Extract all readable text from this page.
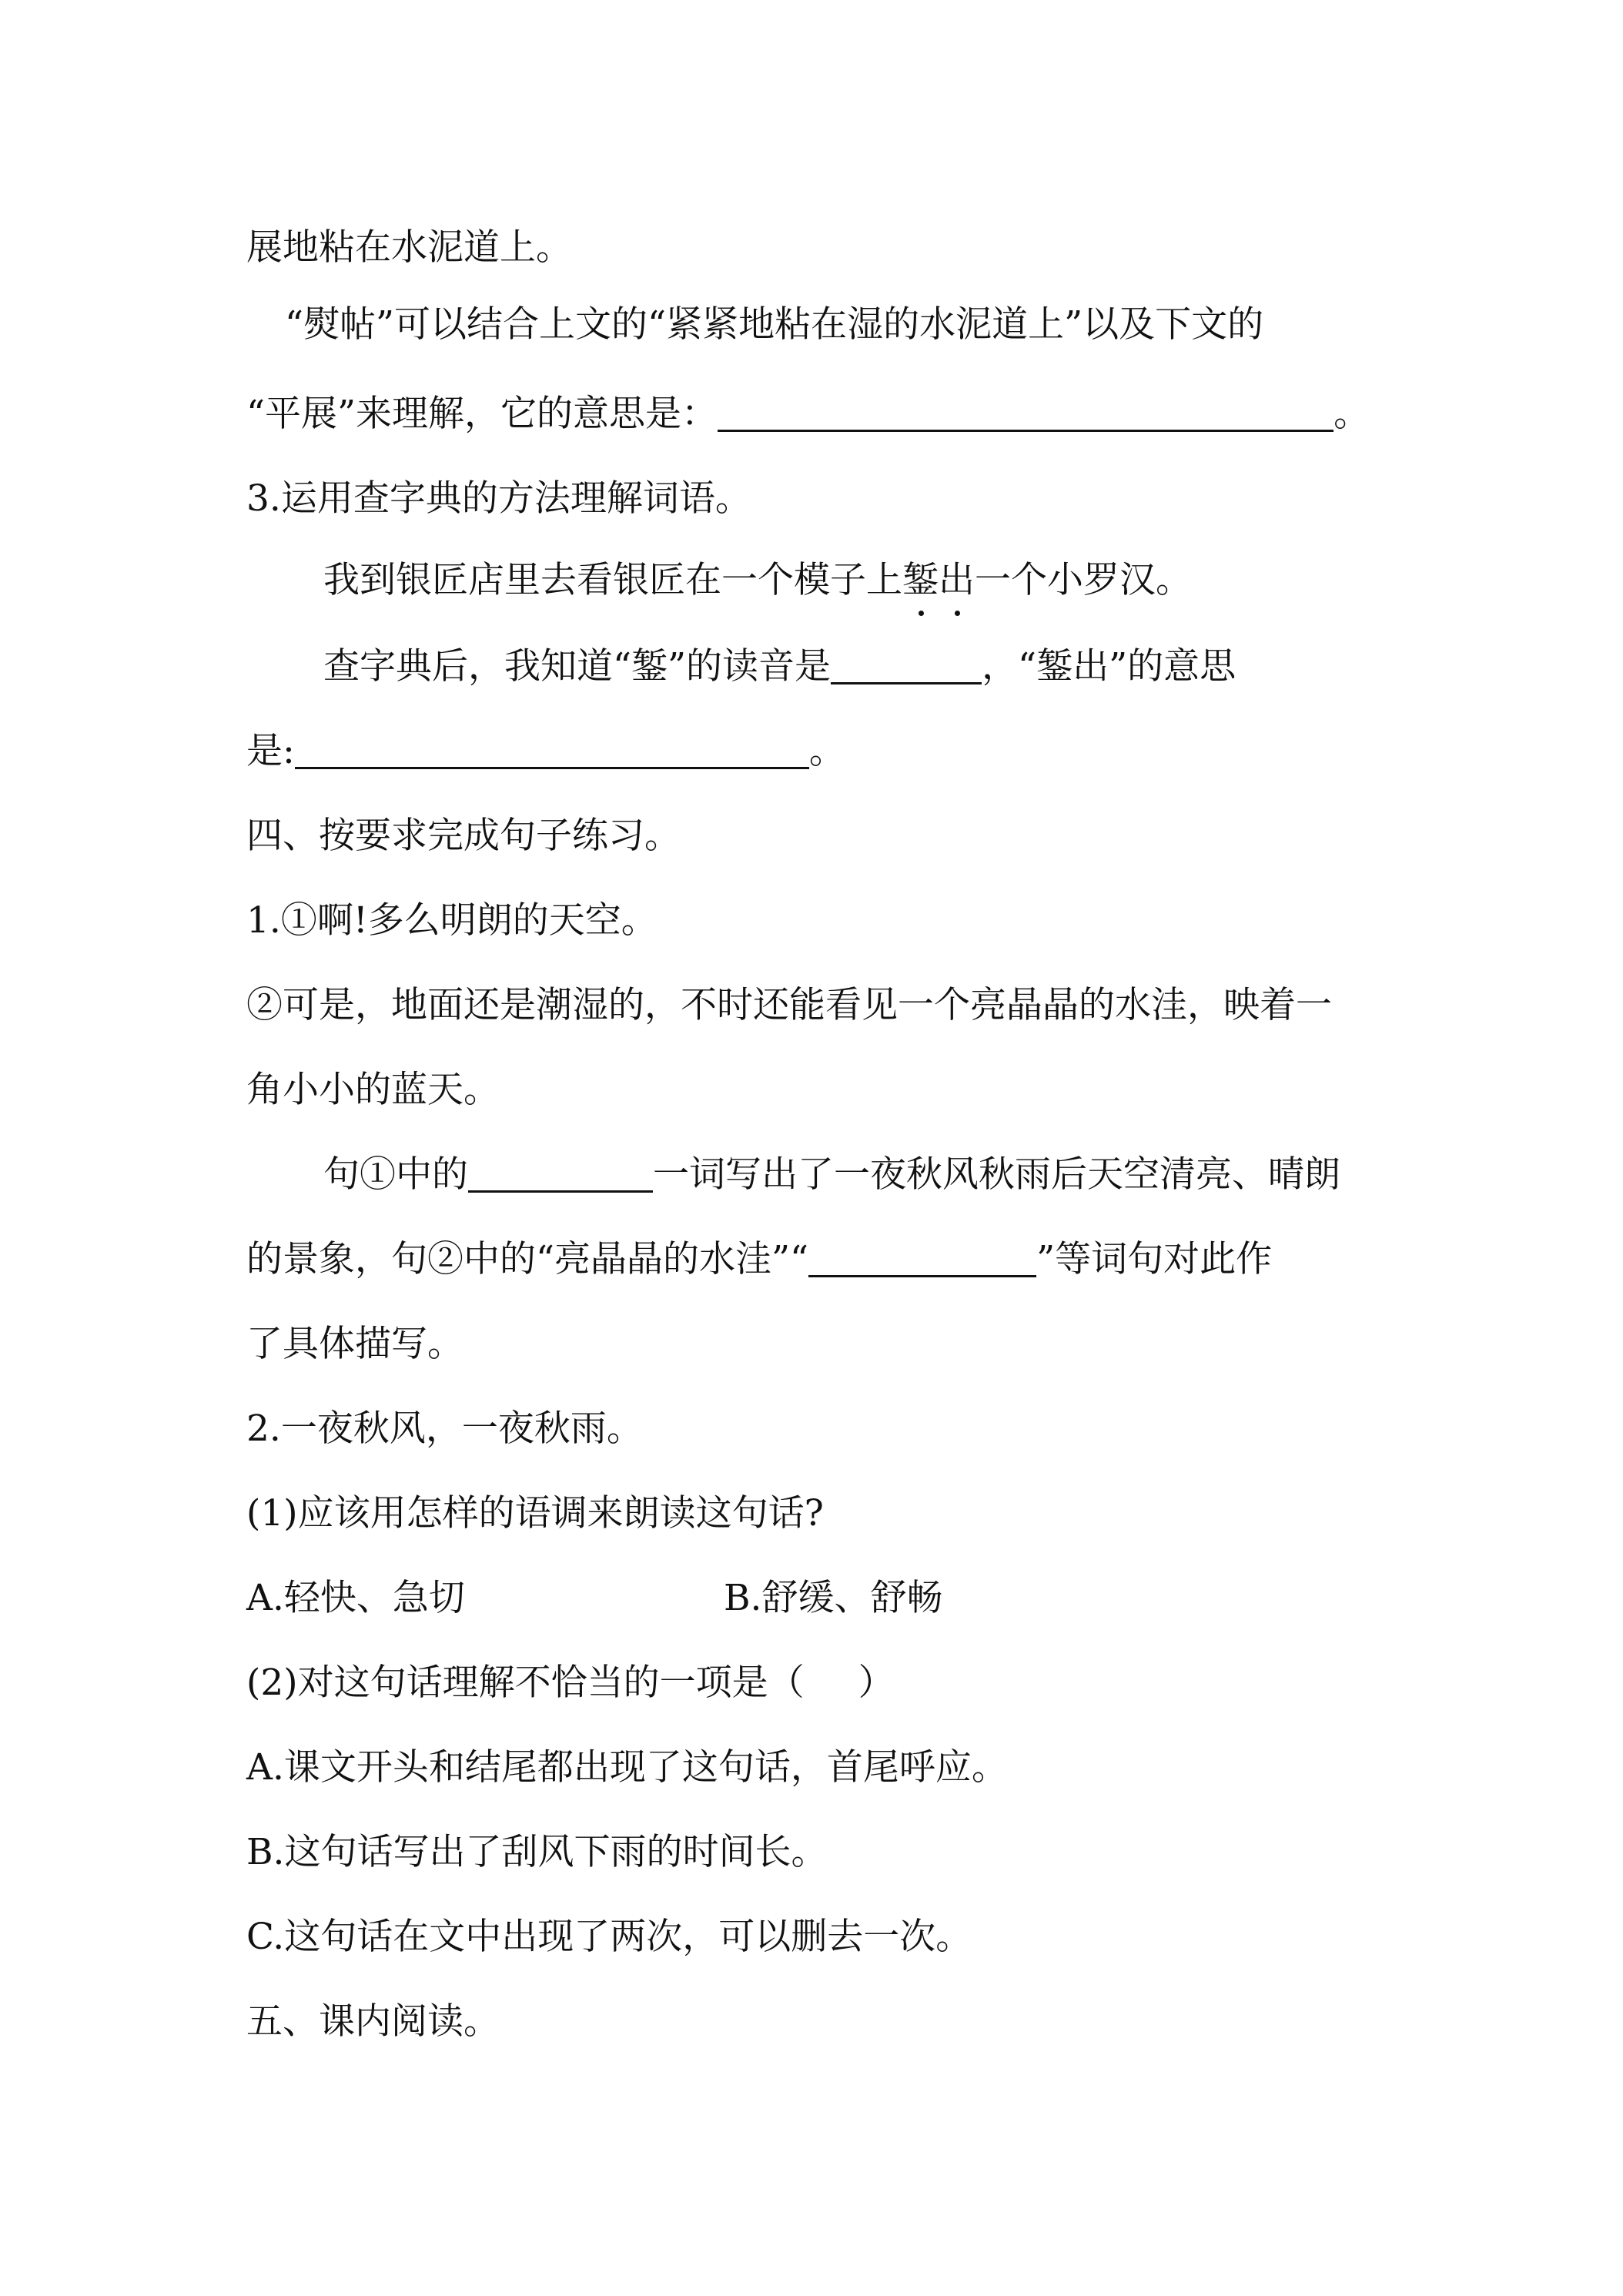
展地粘在水泥道上。
“熨帖”可以结合上文的“紧紧地粘在湿的水泥道上”以及下文的
“平展”来理解，它的意思是：	。
3.运用查字典的方法理解词语。
我到银匠店里去看银匠在一个模子上錾出一个小罗汉。
查字典后，我知道“錾”的读音是	，“錾出”的意思
是:	。
四、按要求完成句子练习。
1.①啊!多么明朗的天空。
②可是，地面还是潮湿的，不时还能看见一个亮晶晶的水洼，映着一
角小小的蓝天。
句①中的	一词写出了一夜秋风秋雨后天空清亮、晴朗
的景象，句②中的“亮晶晶的水洼”“	”等词句对此作
了具体描写。
2.一夜秋风，一夜秋雨。
(1)应该用怎样的语调来朗读这句话?
A.轻快、急切	B.舒缓、舒畅
(2)对这句话理解不恰当的一项是（ ）
A.课文开头和结尾都出现了这句话，首尾呼应。
B.这句话写出了刮风下雨的时间长。
C.这句话在文中出现了两次，可以删去一次。
五、课内阅读。
